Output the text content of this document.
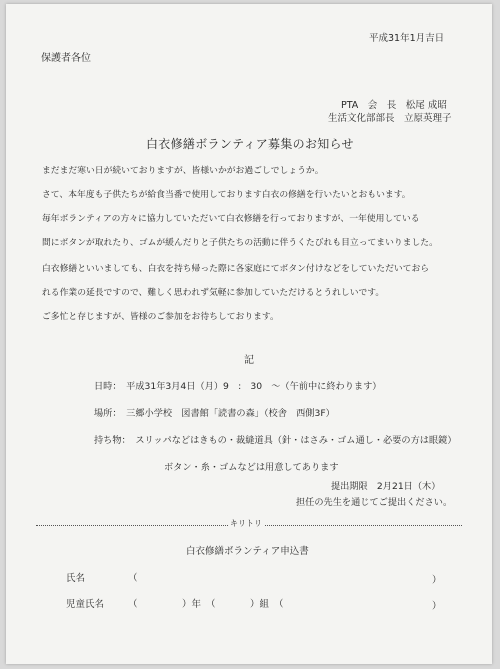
平成31年1月吉日
保護者各位
PTA　会　長　松尾 成昭
生活文化部部長　立原英理子
白衣修繕ボランティア募集のお知らせ
まだまだ寒い日が続いておりますが、皆様いかがお過ごしでしょうか。
さて、本年度も子供たちが給食当番で使用しております白衣の修繕を行いたいとおもいます。
毎年ボランティアの方々に協力していただいて白衣修繕を行っておりますが、一年使用している
間にボタンが取れたり、ゴムが緩んだりと子供たちの活動に伴うくたびれも目立ってまいりました。
白衣修繕といいましても、白衣を持ち帰った際に各家庭にてボタン付けなどをしていただいておら
れる作業の延長ですので、難しく思われず気軽に参加していただけるとうれしいです。
ご多忙と存じますが、皆様のご参加をお待ちしております。
記
日時：　平成31年3月4日（月）9　:　30　～（午前中に終わります）
場所：　三郷小学校　図書館「読書の森」（校舎　西側3F）
持ち物：　スリッパなどはきもの・裁縫道具（針・はさみ・ゴム通し・必要の方は眼鏡）
ボタン・糸・ゴムなどは用意してあります
提出期限　2月21日（木）
担任の先生を通じてご提出ください。
キリトリ
白衣修繕ボランティア申込書
氏名	（	）
児童氏名	（	）年 （	）組 （	）
